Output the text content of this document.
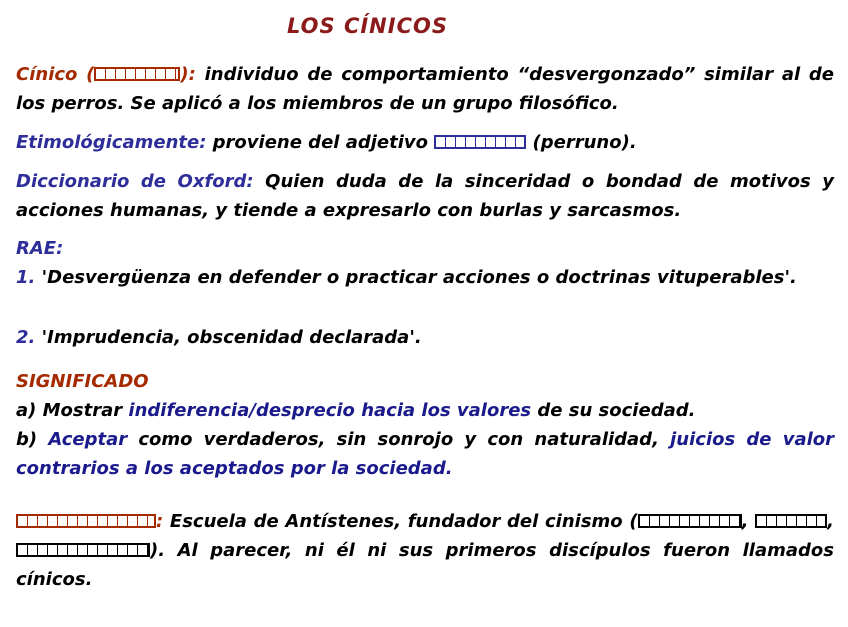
LOS CÍNICOS
Cínico (	): individuo de comportamiento “desvergonzado” similar al de los perros. Se aplicó a los miembros de un grupo filosófico.
Etimológicamente: proviene del adjetivo	(perruno).
Diccionario de Oxford: Quien duda de la sinceridad o bondad de motivos y acciones humanas, y tiende a expresarlo con burlas y sarcasmos.
RAE:
1. 'Desvergüenza en defender o practicar acciones o doctrinas vituperables'.
2. 'Imprudencia, obscenidad declarada'.
SIGNIFICADO
a) Mostrar indiferencia/desprecio hacia los valores de su sociedad.
b) Aceptar como verdaderos, sin sonrojo y con naturalidad, juicios de valor contrarios a los aceptados por la sociedad.
: Escuela de Antístenes, fundador del cinismo (	,	, ). Al parecer, ni él ni sus primeros discípulos fueron llamados cínicos.
